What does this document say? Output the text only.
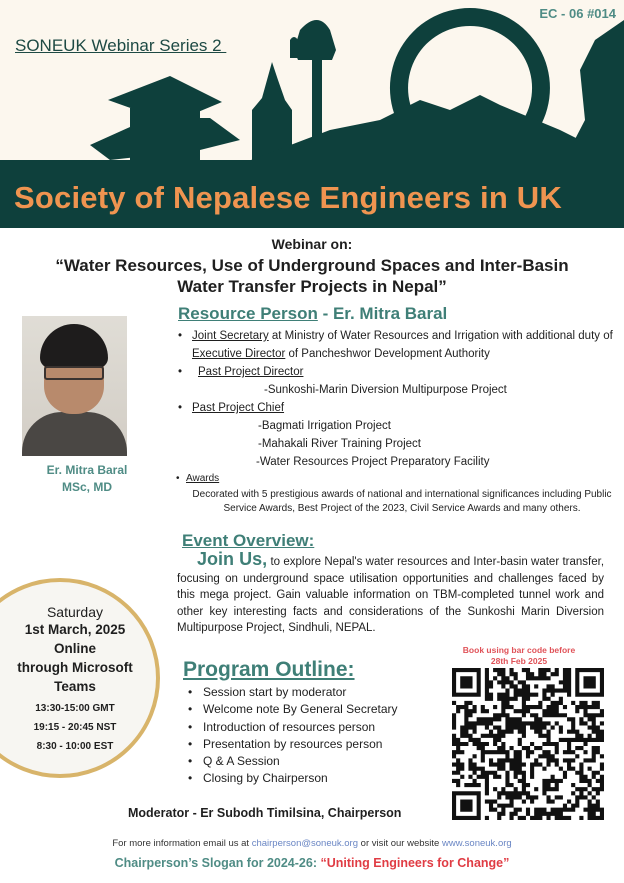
SONEUK Webinar Series 2
EC - 06 #014
Society of Nepalese Engineers in UK
Webinar on:
“Water Resources, Use of Underground Spaces and Inter-Basin Water Transfer Projects in Nepal”
Er. Mitra Baral
MSc, MD
Resource Person - Er. Mitra Baral
• Joint Secretary at Ministry of Water Resources and Irrigation with additional duty of Executive Director of Pancheshwor Development Authority
• Past Project Director
-Sunkoshi-Marin Diversion Multipurpose Project
• Past Project Chief
-Bagmati Irrigation Project
-Mahakali River Training Project
-Water Resources Project Preparatory Facility
• Awards
Decorated with 5 prestigious awards of national and international significances including Public Service Awards, Best Project of the 2023, Civil Service Awards and many others.
Event Overview:
Join Us, to explore Nepal's water resources and Inter-basin water transfer, focusing on underground space utilisation opportunities and challenges faced by this mega project. Gain valuable information on TBM-completed tunnel work and other key interesting facts and considerations of the Sunkoshi Marin Diversion Multipurpose Project, Sindhuli, NEPAL.
Saturday
1st March, 2025
Online
through Microsoft
Teams
13:30-15:00 GMT
19:15 - 20:45 NST
8:30 - 10:00 EST
Program Outline:
• Session start by moderator
• Welcome note By General Secretary
• Introduction of resources person
• Presentation by resources person
• Q & A Session
• Closing by Chairperson
Book using bar code before
28th Feb 2025
Moderator - Er Subodh Timilsina, Chairperson
For more information email us at chairperson@soneuk.org or visit our website www.soneuk.org
Chairperson’s Slogan for 2024-26: “Uniting Engineers for Change”
